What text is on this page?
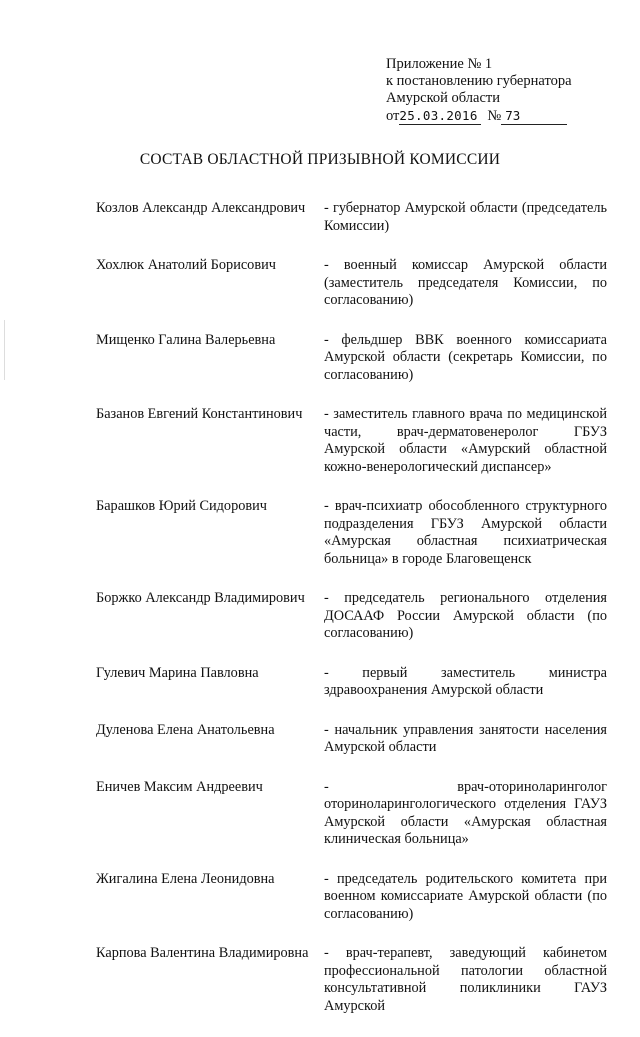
Приложение № 1
к постановлению губернатора
Амурской области
от25.03.2016 № 73
СОСТАВ ОБЛАСТНОЙ ПРИЗЫВНОЙ КОМИССИИ
Козлов Александр Александрович	- губернатор Амурской области (председатель Комиссии)
Хохлюк Анатолий Борисович	- военный комиссар Амурской области (заместитель председателя Комиссии, по согласованию)
Мищенко Галина Валерьевна	- фельдшер ВВК военного комиссариата Амурской области (секретарь Комиссии, по согласованию)
Базанов Евгений Константинович	- заместитель главного врача по медицинской части, врач-дерматовенеролог ГБУЗ Амурской области «Амурский областной кожно-венерологический диспансер»
Барашков Юрий Сидорович	- врач-психиатр обособленного структурного подразделения ГБУЗ Амурской области «Амурская областная психиатрическая больница» в городе Благовещенск
Боржко Александр Владимирович	- председатель регионального отделения ДОСААФ России Амурской области (по согласованию)
Гулевич Марина Павловна	- первый заместитель министра здравоохранения Амурской области
Дуленова Елена Анатольевна	- начальник управления занятости населения Амурской области
Еничев Максим Андреевич	- врач-оториноларинголог оториноларингологического отделения ГАУЗ Амурской области «Амурская областная клиническая больница»
Жигалина Елена Леонидовна	- председатель родительского комитета при военном комиссариате Амурской области (по согласованию)
Карпова Валентина Владимировна	- врач-терапевт, заведующий кабинетом профессиональной патологии областной консультативной поликлиники ГАУЗ Амурской
